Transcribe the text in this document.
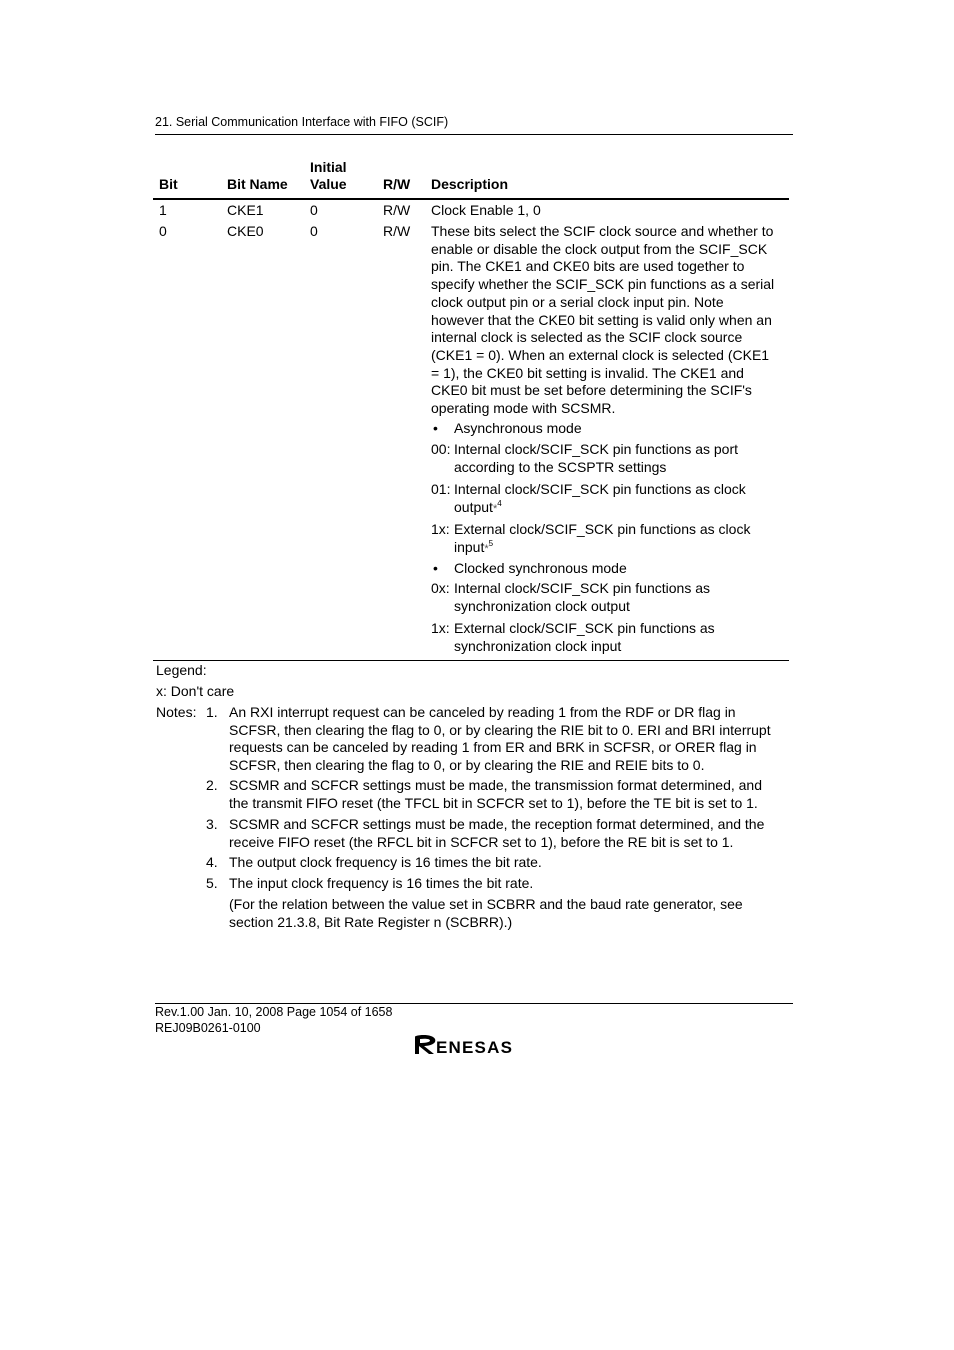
21. Serial Communication Interface with FIFO (SCIF)
Bit	Bit Name
Initial
Value	R/W Description
1	CKE1	0	R/W Clock Enable 1, 0
0	CKE0	0	R/W These bits select the SCIF clock source and whether to
enable or disable the clock output from the SCIF_SCK
pin. The CKE1 and CKE0 bits are used together to
specify whether the SCIF_SCK pin functions as a serial
clock output pin or a serial clock input pin. Note
however that the CKE0 bit setting is valid only when an
internal clock is selected as the SCIF clock source
(CKE1 = 0). When an external clock is selected (CKE1
= 1), the CKE0 bit setting is invalid. The CKE1 and
CKE0 bit must be set before determining the SCIF's
operating mode with SCSMR.
• Asynchronous mode
00: Internal clock/SCIF_SCK pin functions as port
according to the SCSPTR settings
01: Internal clock/SCIF_SCK pin functions as clock
output*$^4$
1x: External clock/SCIF_SCK pin functions as clock
input*$^5$
• Clocked synchronous mode
0x: Internal clock/SCIF_SCK pin functions as
synchronization clock output
1x: External clock/SCIF_SCK pin functions as
synchronization clock input
Legend:
x: Don't care
Notes: 1. An RXI interrupt request can be canceled by reading 1 from the RDF or DR flag in
SCFSR, then clearing the flag to 0, or by clearing the RIE bit to 0. ERI and BRI interrupt
requests can be canceled by reading 1 from ER and BRK in SCFSR, or ORER flag in
SCFSR, then clearing the flag to 0, or by clearing the RIE and REIE bits to 0.
2. SCSMR and SCFCR settings must be made, the transmission format determined, and
the transmit FIFO reset (the TFCL bit in SCFCR set to 1), before the TE bit is set to 1.
3. SCSMR and SCFCR settings must be made, the reception format determined, and the
receive FIFO reset (the RFCL bit in SCFCR set to 1), before the RE bit is set to 1.
4. The output clock frequency is 16 times the bit rate.
5. The input clock frequency is 16 times the bit rate.
(For the relation between the value set in SCBRR and the baud rate generator, see
section 21.3.8, Bit Rate Register n (SCBRR).)
Rev.1.00 Jan. 10, 2008 Page 1054 of 1658
REJ09B0261-0100
ENESAS
